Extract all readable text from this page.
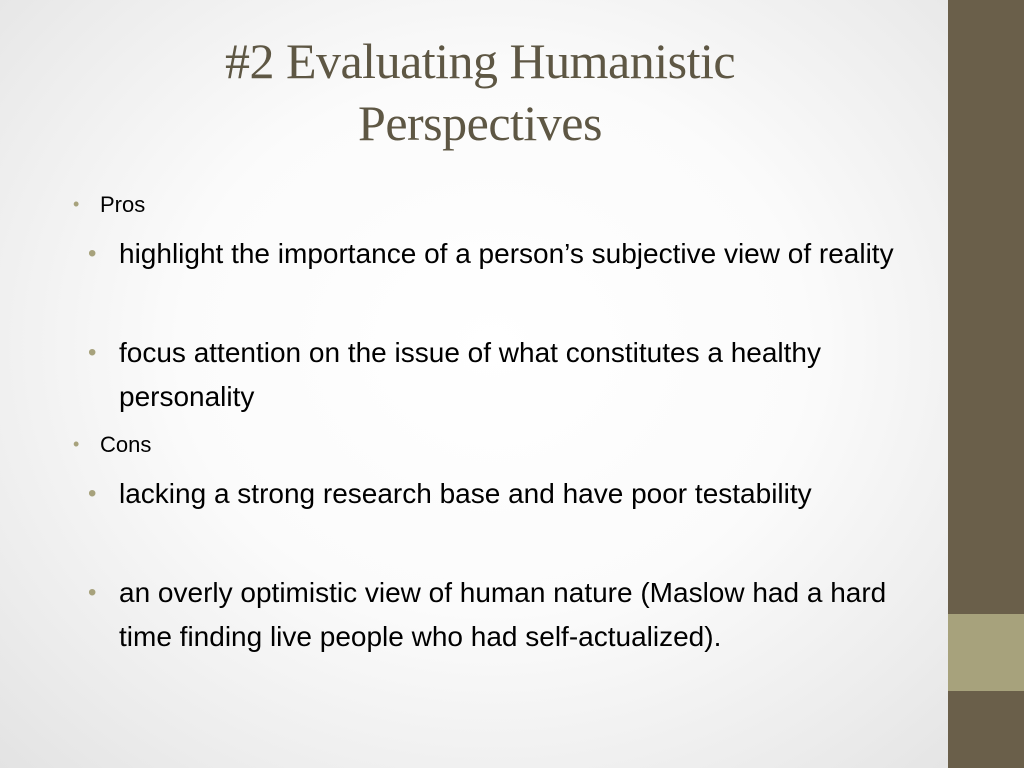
#2 Evaluating Humanistic
Perspectives
• Pros
• highlight the importance of a person’s subjective view of reality
• focus attention on the issue of what constitutes a healthy personality
• Cons
• lacking a strong research base and have poor testability
• an overly optimistic view of human nature (Maslow had a hard time finding live people who had self-actualized).
